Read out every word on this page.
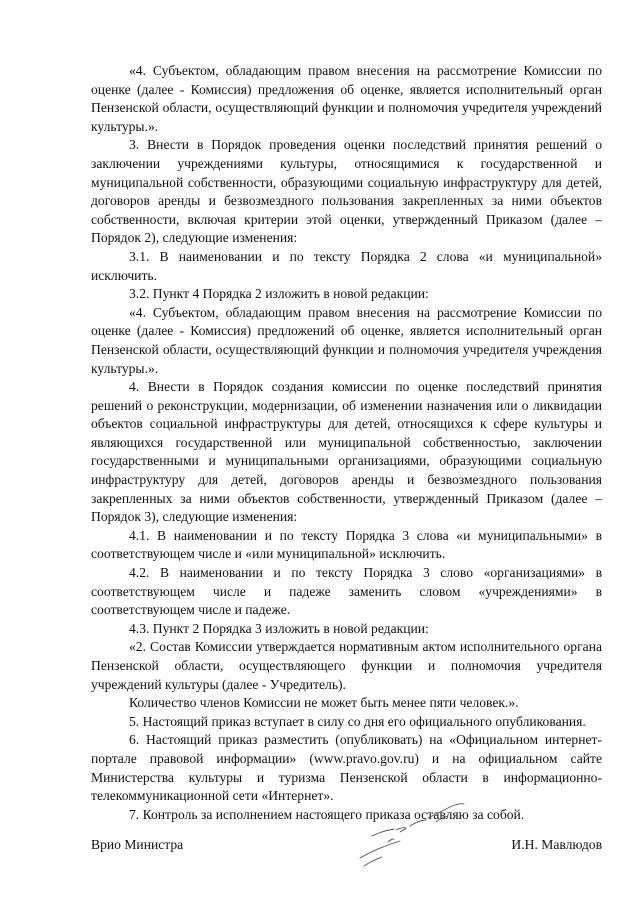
«4. Субъектом, обладающим правом внесения на рассмотрение Комиссии по оценке (далее - Комиссия) предложения об оценке, является исполнительный орган Пензенской области, осуществляющий функции и полномочия учредителя учреждений культуры.».

3. Внести в Порядок проведения оценки последствий принятия решений о заключении учреждениями культуры, относящимися к государственной и муниципальной собственности, образующими социальную инфраструктуру для детей, договоров аренды и безвозмездного пользования закрепленных за ними объектов собственности, включая критерии этой оценки, утвержденный Приказом (далее – Порядок 2), следующие изменения:

3.1. В наименовании и по тексту Порядка 2 слова «и муниципальной» исключить.

3.2. Пункт 4 Порядка 2 изложить в новой редакции:

«4. Субъектом, обладающим правом внесения на рассмотрение Комиссии по оценке (далее - Комиссия) предложений об оценке, является исполнительный орган Пензенской области, осуществляющий функции и полномочия учредителя учреждения культуры.».

4. Внести в Порядок создания комиссии по оценке последствий принятия решений о реконструкции, модернизации, об изменении назначения или о ликвидации объектов социальной инфраструктуры для детей, относящихся к сфере культуры и являющихся государственной или муниципальной собственностью, заключении государственными и муниципальными организациями, образующими социальную инфраструктуру для детей, договоров аренды и безвозмездного пользования закрепленных за ними объектов собственности, утвержденный Приказом (далее – Порядок 3), следующие изменения:

4.1. В наименовании и по тексту Порядка 3 слова «и муниципальными» в соответствующем числе и «или муниципальной» исключить.

4.2. В наименовании и по тексту Порядка 3 слово «организациями» в соответствующем числе и падеже заменить словом «учреждениями» в соответствующем числе и падеже.

4.3. Пункт 2 Порядка 3 изложить в новой редакции:

«2. Состав Комиссии утверждается нормативным актом исполнительного органа Пензенской области, осуществляющего функции и полномочия учредителя учреждений культуры (далее - Учредитель).

Количество членов Комиссии не может быть менее пяти человек.».

5. Настоящий приказ вступает в силу со дня его официального опубликования.

6. Настоящий приказ разместить (опубликовать) на «Официальном интернет-портале правовой информации» (www.pravo.gov.ru) и на официальном сайте Министерства культуры и туризма Пензенской области в информационно-телекоммуникационной сети «Интернет».

7. Контроль за исполнением настоящего приказа оставляю за собой.

Врио Министра	И.Н. Мавлюдов
